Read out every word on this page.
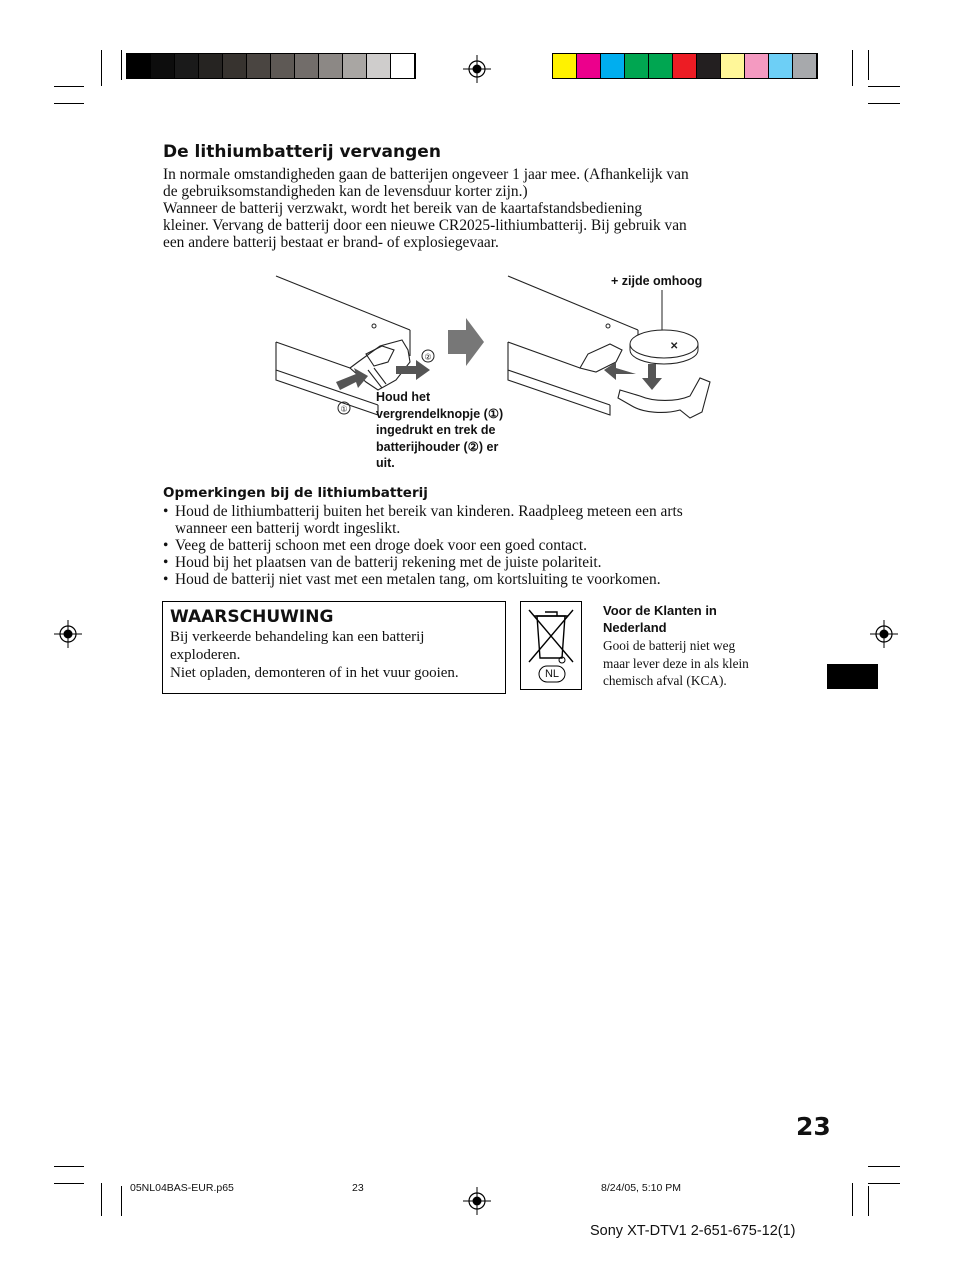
De lithiumbatterij vervangen
In normale omstandigheden gaan de batterijen ongeveer 1 jaar mee. (Afhankelijk van
de gebruiksomstandigheden kan de levensduur korter zijn.)
Wanneer de batterij verzwakt, wordt het bereik van de kaartafstandsbediening
kleiner. Vervang de batterij door een nieuwe CR2025-lithiumbatterij. Bij gebruik van
een andere batterij bestaat er brand- of explosiegevaar.
②
①
✕
+ zijde omhoog
Houd het
vergrendelknopje (①)
ingedrukt en trek de
batterijhouder (②) er
uit.
Opmerkingen bij de lithiumbatterij
• Houd de lithiumbatterij buiten het bereik van kinderen. Raadpleeg meteen een arts
wanneer een batterij wordt ingeslikt.
• Veeg de batterij schoon met een droge doek voor een goed contact.
• Houd bij het plaatsen van de batterij rekening met de juiste polariteit.
• Houd de batterij niet vast met een metalen tang, om kortsluiting te voorkomen.
WAARSCHUWING
Bij verkeerde behandeling kan een batterij
exploderen.
Niet opladen, demonteren of in het vuur gooien.	NL
Voor de Klanten in
Nederland
Gooi de batterij niet weg
maar lever deze in als klein
chemisch afval (KCA).
23
05NL04BAS-EUR.p65	23	8/24/05, 5:10 PM
Sony XT-DTV1 2-651-675-12(1)
